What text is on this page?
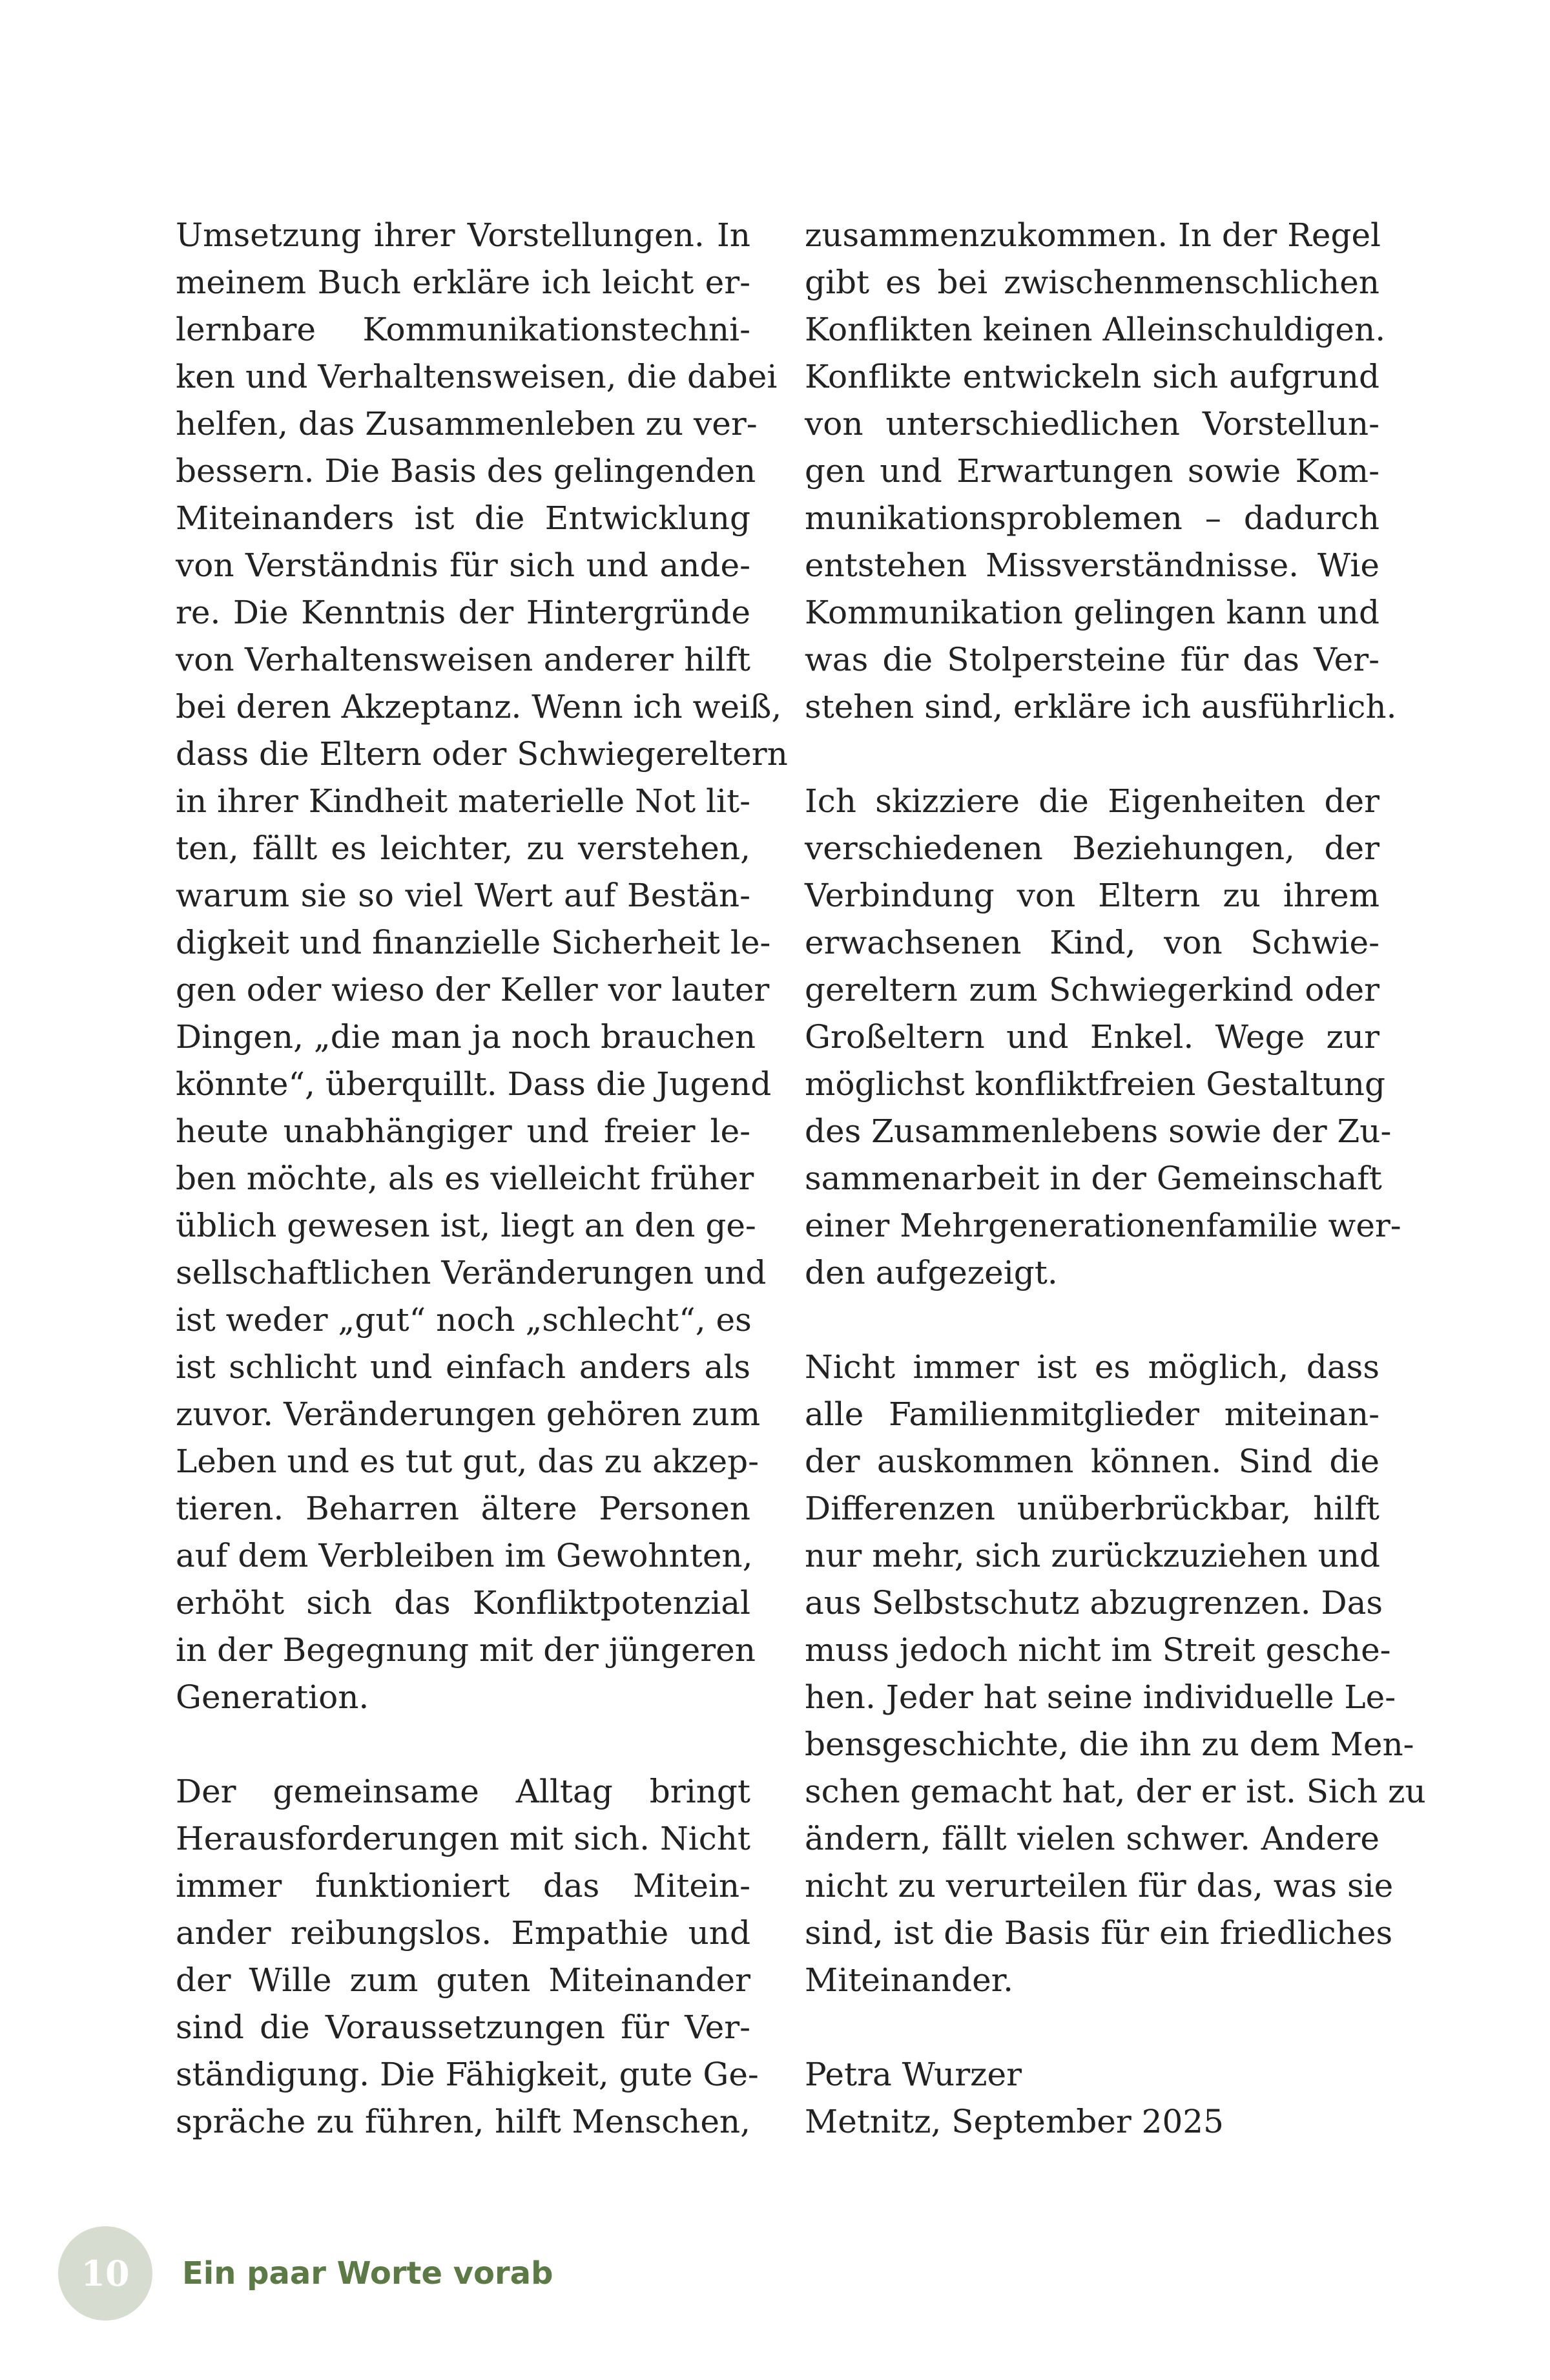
Umsetzung ihrer Vorstellungen. In
meinem Buch erkläre ich leicht er-
lernbare Kommunikationstechni-
ken und Verhaltensweisen, die dabei
helfen, das Zusammenleben zu ver-
bessern. Die Basis des gelingenden
Miteinanders ist die Entwicklung
von Verständnis für sich und ande-
re. Die Kenntnis der Hintergründe
von Verhaltensweisen anderer hilft
bei deren Akzeptanz. Wenn ich weiß,
dass die Eltern oder Schwiegereltern
in ihrer Kindheit materielle Not lit-
ten, fällt es leichter, zu verstehen,
warum sie so viel Wert auf Bestän-
digkeit und finanzielle Sicherheit le-
gen oder wieso der Keller vor lauter
Dingen, „die man ja noch brauchen
könnte“, überquillt. Dass die Jugend
heute unabhängiger und freier le-
ben möchte, als es vielleicht früher
üblich gewesen ist, liegt an den ge-
sellschaftlichen Veränderungen und
ist weder „gut“ noch „schlecht“, es
ist schlicht und einfach anders als
zuvor. Veränderungen gehören zum
Leben und es tut gut, das zu akzep-
tieren. Beharren ältere Personen
auf dem Verbleiben im Gewohnten,
erhöht sich das Konfliktpotenzial
in der Begegnung mit der jüngeren
Generation.
Der gemeinsame Alltag bringt
Herausforderungen mit sich. Nicht
immer funktioniert das Mitein-
ander reibungslos. Empathie und
der Wille zum guten Miteinander
sind die Voraussetzungen für Ver-
ständigung. Die Fähigkeit, gute Ge-
spräche zu führen, hilft Menschen,
zusammenzukommen. In der Regel
gibt es bei zwischenmenschlichen
Konflikten keinen Alleinschuldigen.
Konflikte entwickeln sich aufgrund
von unterschiedlichen Vorstellun-
gen und Erwartungen sowie Kom-
munikationsproblemen – dadurch
entstehen Missverständnisse. Wie
Kommunikation gelingen kann und
was die Stolpersteine für das Ver-
stehen sind, erkläre ich ausführlich.
Ich skizziere die Eigenheiten der
verschiedenen Beziehungen, der
Verbindung von Eltern zu ihrem
erwachsenen Kind, von Schwie-
gereltern zum Schwiegerkind oder
Großeltern und Enkel. Wege zur
möglichst konfliktfreien Gestaltung
des Zusammenlebens sowie der Zu-
sammenarbeit in der Gemeinschaft
einer Mehrgenerationenfamilie wer-
den aufgezeigt.
Nicht immer ist es möglich, dass
alle Familienmitglieder miteinan-
der auskommen können. Sind die
Differenzen unüberbrückbar, hilft
nur mehr, sich zurückzuziehen und
aus Selbstschutz abzugrenzen. Das
muss jedoch nicht im Streit gesche-
hen. Jeder hat seine individuelle Le-
bensgeschichte, die ihn zu dem Men-
schen gemacht hat, der er ist. Sich zu
ändern, fällt vielen schwer. Andere
nicht zu verurteilen für das, was sie
sind, ist die Basis für ein friedliches
Miteinander.
Petra Wurzer
Metnitz, September 2025
10	Ein paar Worte vorab
